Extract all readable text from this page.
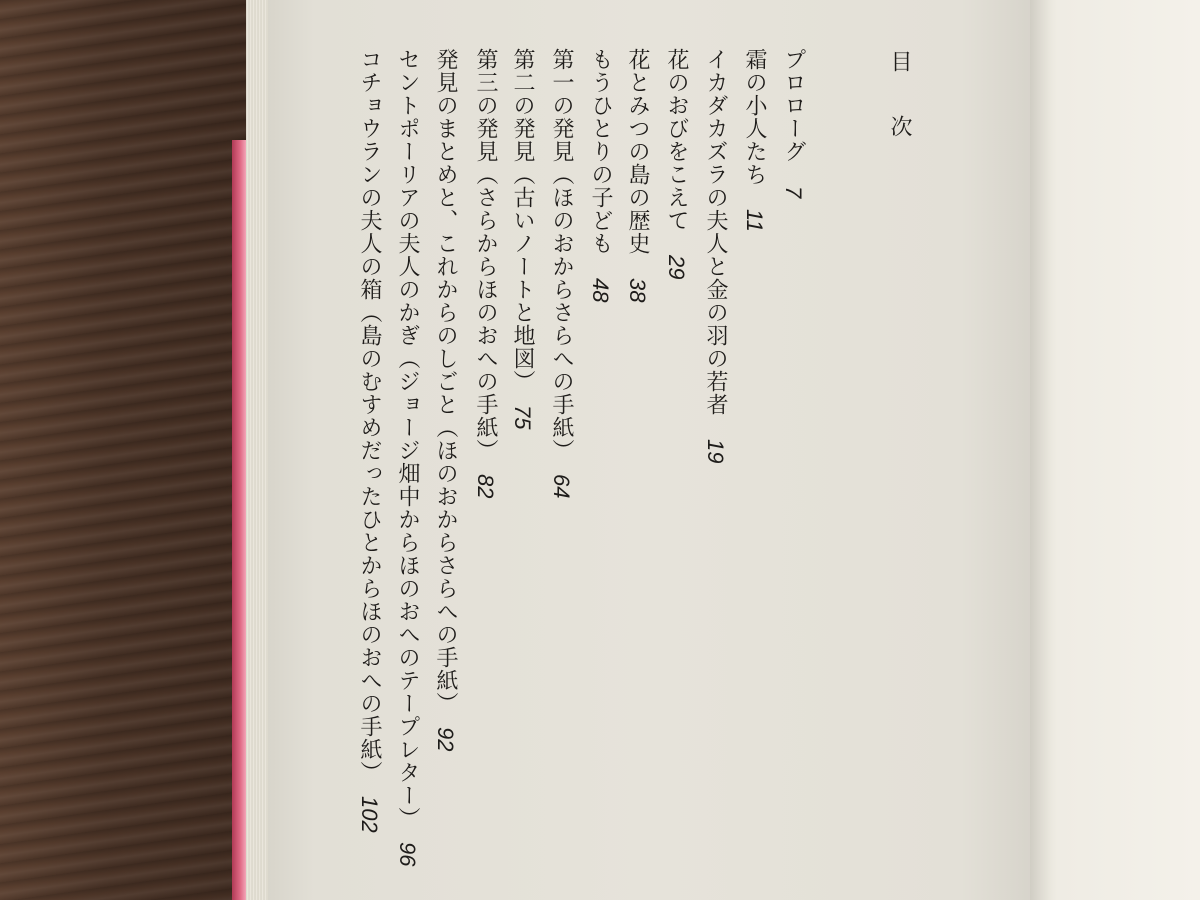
目 次
プロローグ　7
霜の小人たち　11
イカダカズラの夫人と金の羽の若者　19
花のおびをこえて　29
花とみつの島の歴史　38
もうひとりの子ども　48
第一の発見（ほのおからさらへの手紙）　64
第二の発見（古いノートと地図）　75
第三の発見（さらからほのおへの手紙）　82
発見のまとめと、これからのしごと（ほのおからさらへの手紙）　92
セントポーリアの夫人のかぎ（ジョージ畑中からほのおへのテープレター）　96
コチョウランの夫人の箱（島のむすめだったひとからほのおへの手紙）　102
